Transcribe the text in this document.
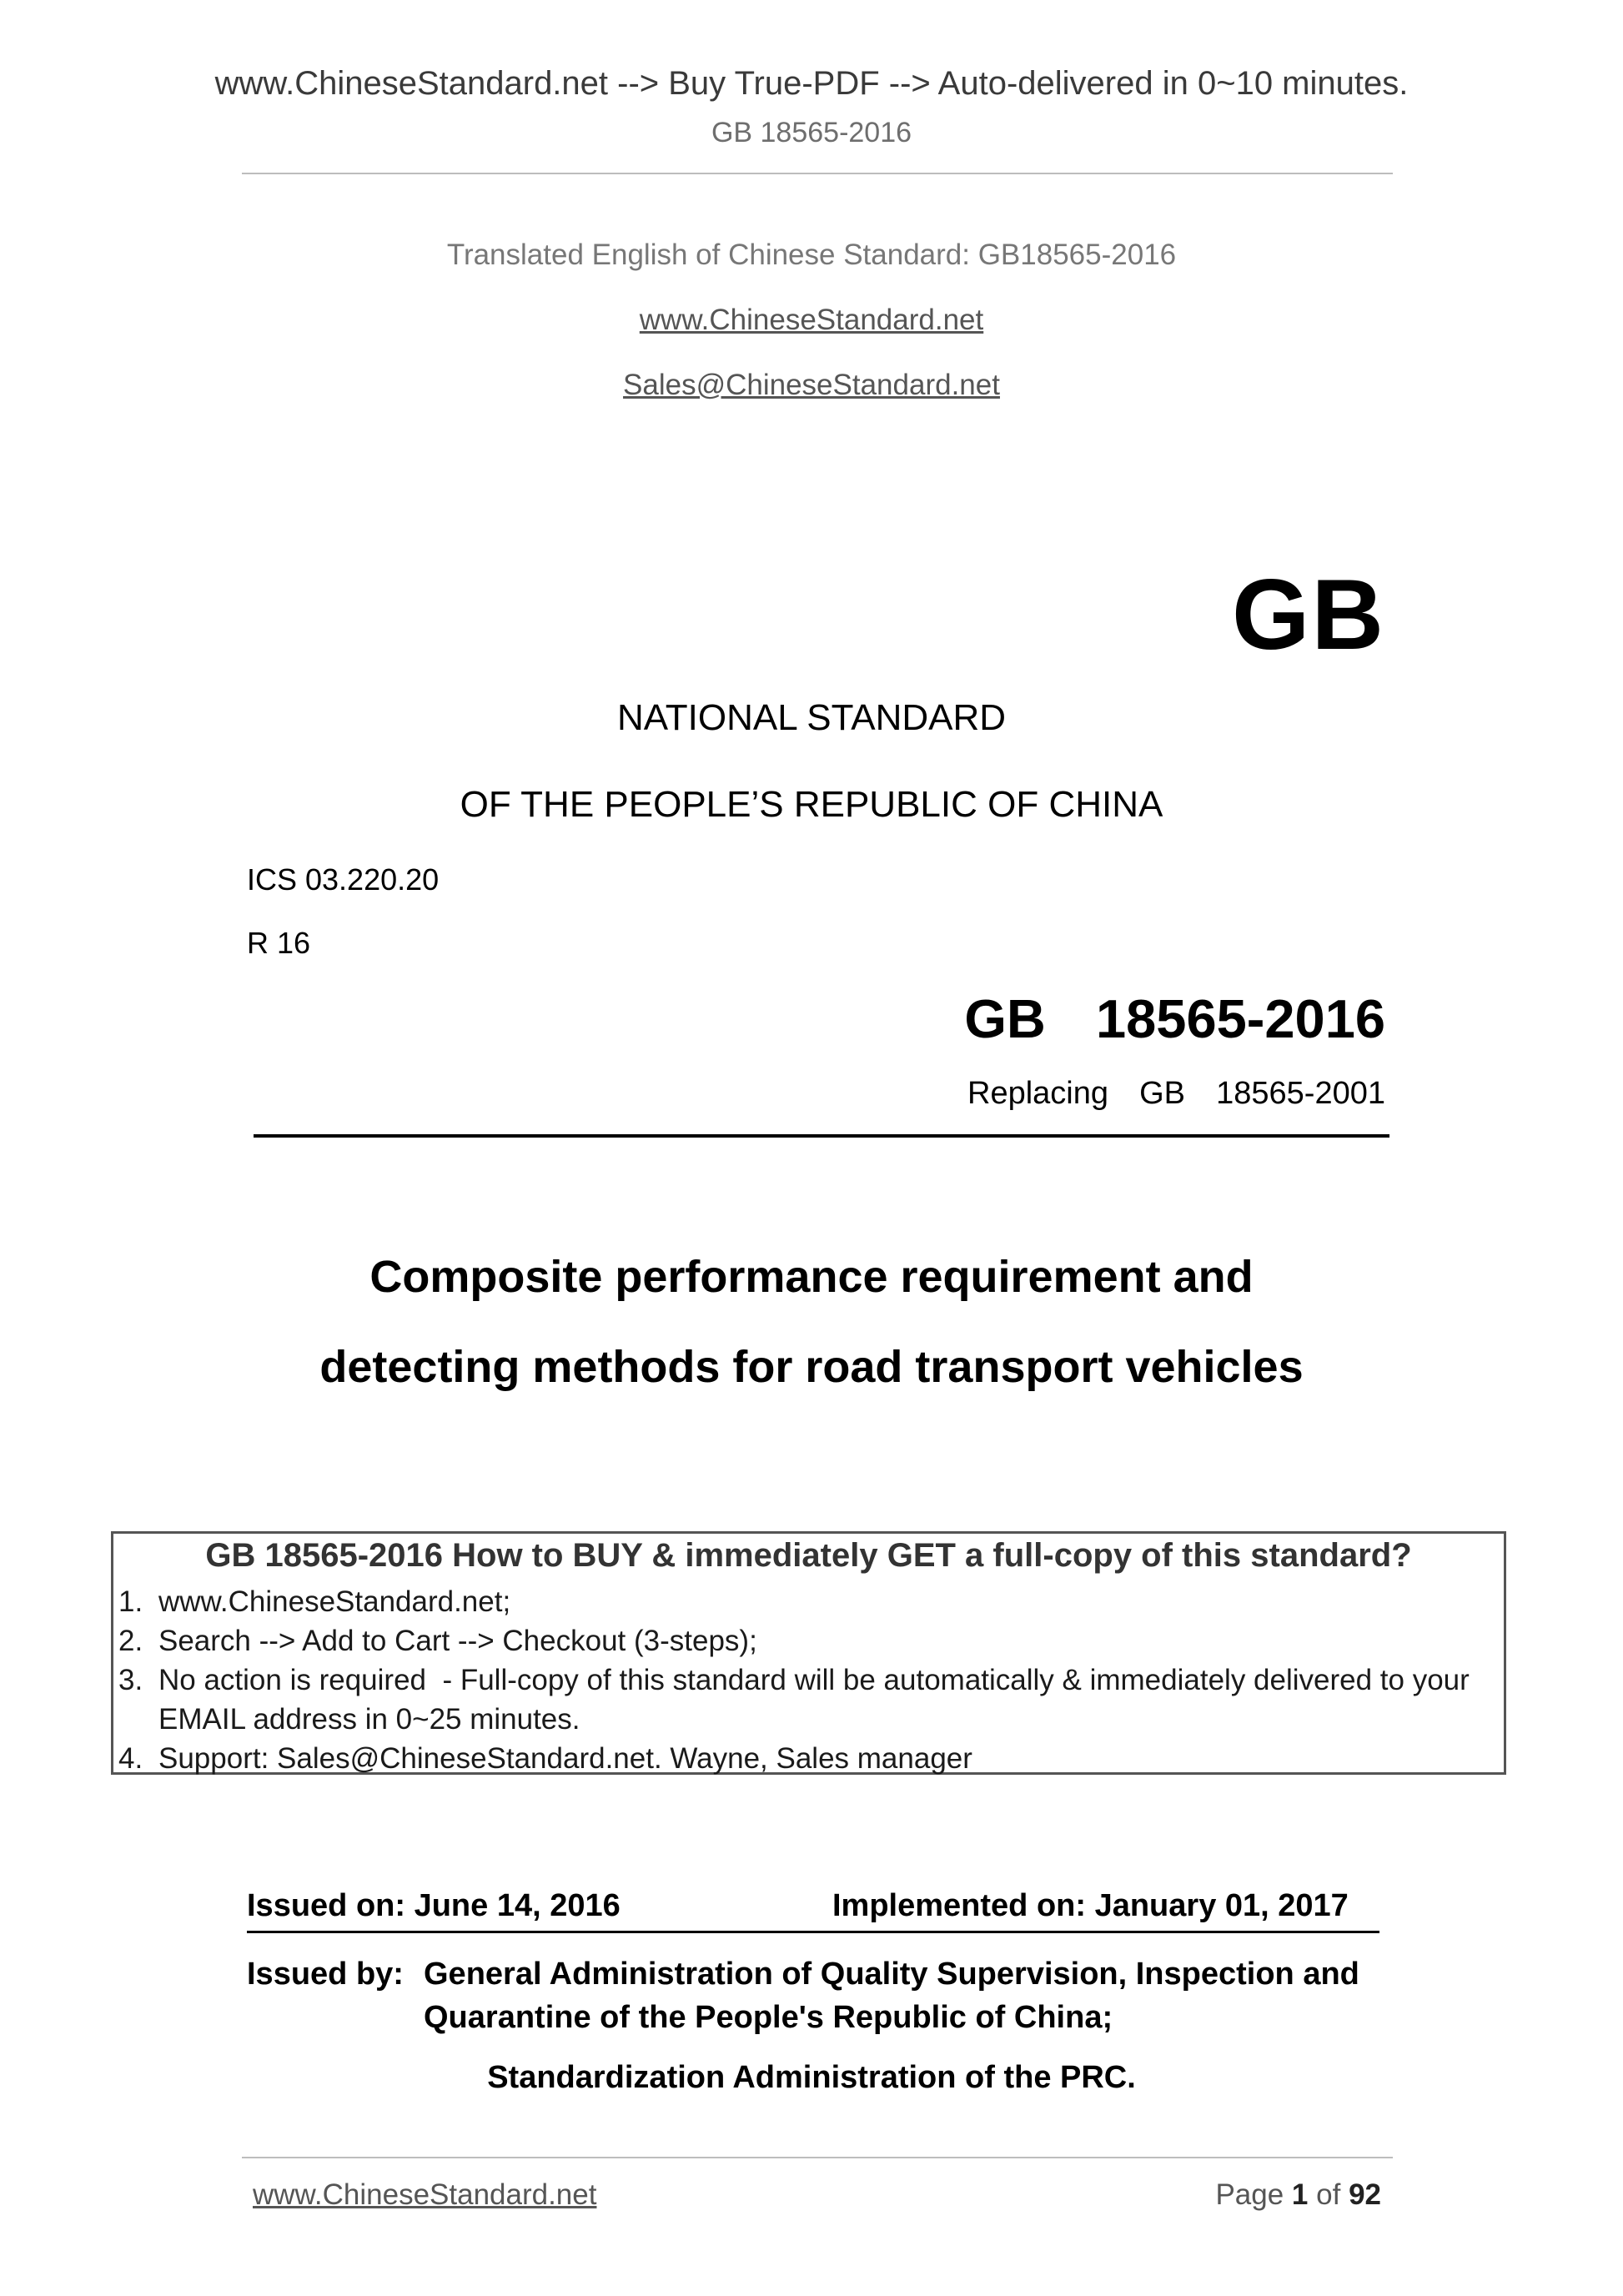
www.ChineseStandard.net --> Buy True-PDF --> Auto-delivered in 0~10 minutes.
GB 18565-2016
Translated English of Chinese Standard: GB18565-2016
www.ChineseStandard.net
Sales@ChineseStandard.net
GB
NATIONAL STANDARD
OF THE PEOPLE’S REPUBLIC OF CHINA
ICS 03.220.20
R 16
GB  18565-2016
Replacing  GB  18565-2001
Composite performance requirement and
detecting methods for road transport vehicles
GB 18565-2016 How to BUY & immediately GET a full-copy of this standard?
1. www.ChineseStandard.net;
2. Search --> Add to Cart --> Checkout (3-steps);
3. No action is required  - Full-copy of this standard will be automatically & immediately delivered to your EMAIL address in 0~25 minutes.
4. Support: Sales@ChineseStandard.net. Wayne, Sales manager
Issued on: June 14, 2016	Implemented on: January 01, 2017
Issued by: General Administration of Quality Supervision, Inspection and
Quarantine of the People's Republic of China;
Standardization Administration of the PRC.
www.ChineseStandard.net	Page 1 of 92
